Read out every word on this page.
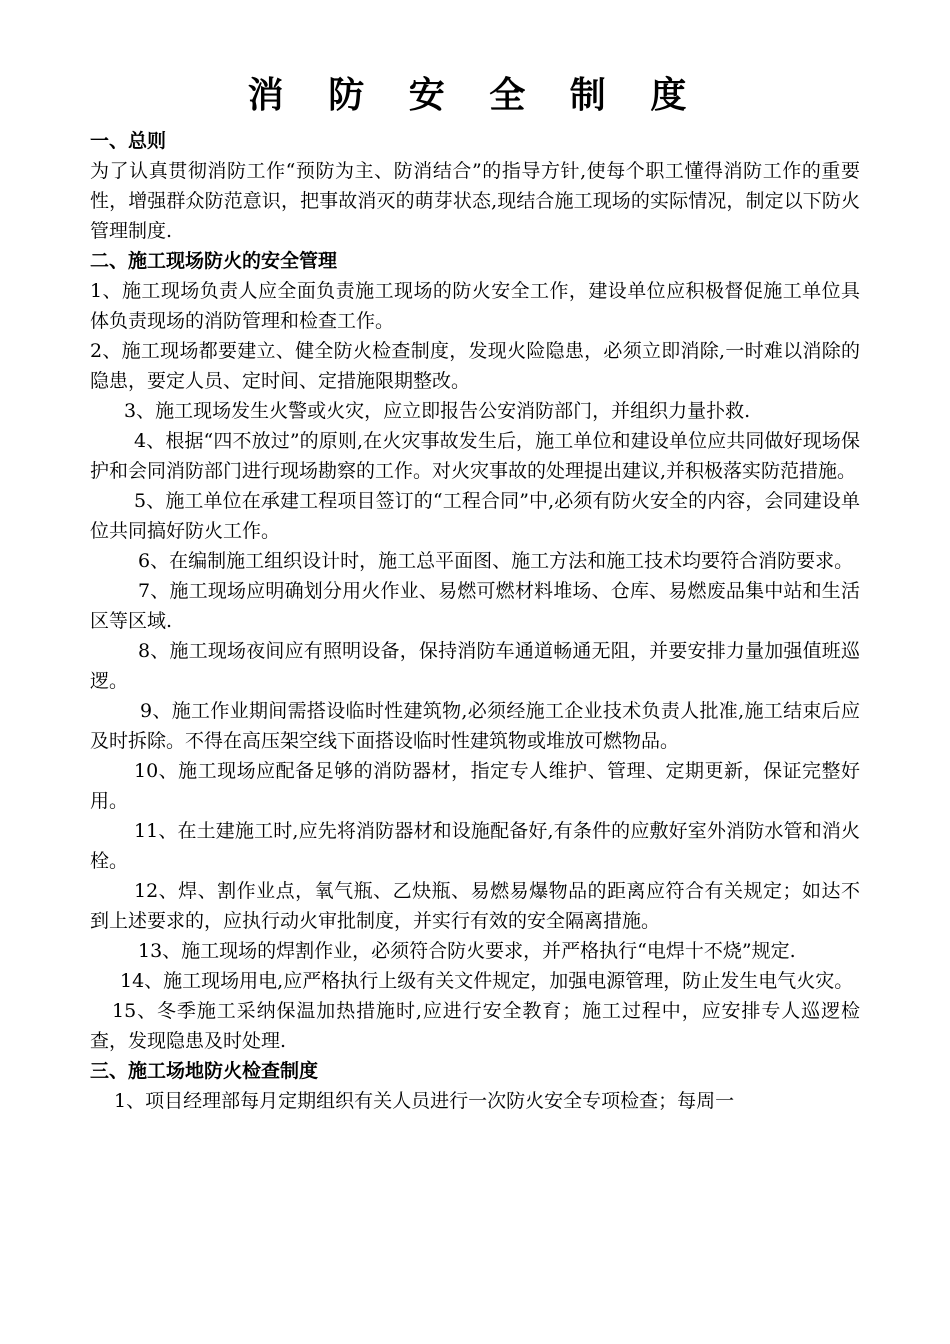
消 防 安 全 制 度
一、总则

为了认真贯彻消防工作“预防为主、防消结合”的指导方针,使每个职工懂得消防工作的重要性，增强群众防范意识，把事故消灭的萌芽状态,现结合施工现场的实际情况，制定以下防火管理制度.

二、施工现场防火的安全管理

1、施工现场负责人应全面负责施工现场的防火安全工作，建设单位应积极督促施工单位具体负责现场的消防管理和检查工作。

2、施工现场都要建立、健全防火检查制度，发现火险隐患，必须立即消除,一时难以消除的隐患，要定人员、定时间、定措施限期整改。

3、施工现场发生火警或火灾，应立即报告公安消防部门，并组织力量扑救.

4、根据“四不放过”的原则,在火灾事故发生后，施工单位和建设单位应共同做好现场保护和会同消防部门进行现场勘察的工作。对火灾事故的处理提出建议,并积极落实防范措施。

5、施工单位在承建工程项目签订的“工程合同”中,必须有防火安全的内容，会同建设单位共同搞好防火工作。

6、在编制施工组织设计时，施工总平面图、施工方法和施工技术均要符合消防要求。

7、施工现场应明确划分用火作业、易燃可燃材料堆场、仓库、易燃废品集中站和生活区等区域.

8、施工现场夜间应有照明设备，保持消防车通道畅通无阻，并要安排力量加强值班巡逻。

9、施工作业期间需搭设临时性建筑物,必须经施工企业技术负责人批准,施工结束后应及时拆除。不得在高压架空线下面搭设临时性建筑物或堆放可燃物品。

10、施工现场应配备足够的消防器材，指定专人维护、管理、定期更新，保证完整好用。

11、在土建施工时,应先将消防器材和设施配备好,有条件的应敷好室外消防水管和消火栓。

12、焊、割作业点，氧气瓶、乙炔瓶、易燃易爆物品的距离应符合有关规定；如达不到上述要求的，应执行动火审批制度，并实行有效的安全隔离措施。

13、施工现场的焊割作业，必须符合防火要求，并严格执行“电焊十不烧”规定.

14、施工现场用电,应严格执行上级有关文件规定，加强电源管理，防止发生电气火灾。

15、冬季施工采纳保温加热措施时,应进行安全教育；施工过程中，应安排专人巡逻检查，发现隐患及时处理.

三、施工场地防火检查制度

1、项目经理部每月定期组织有关人员进行一次防火安全专项检查；每周一
